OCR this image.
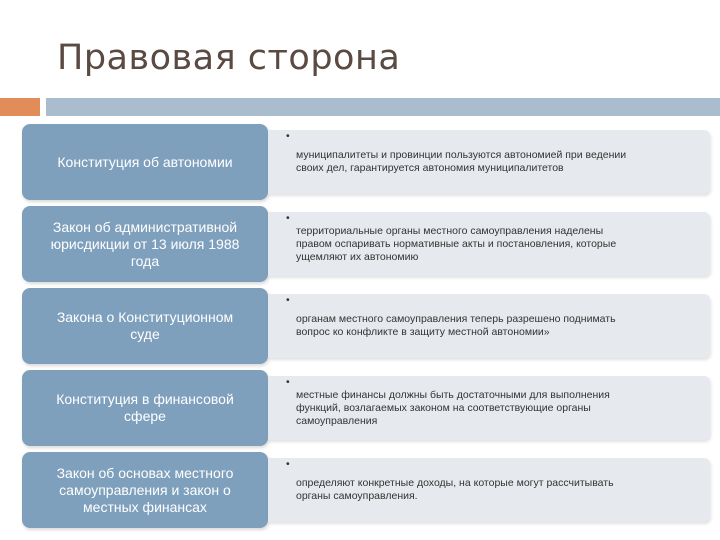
Правовая сторона
Конституция об автономии
•
муниципалитеты и провинции пользуются автономией при ведении
своих дел, гарантируется автономия муниципалитетов
Закон об административной
юрисдикции от 13 июля 1988
года
•
территориальные органы местного самоуправления наделены
правом оспаривать нормативные акты и постановления, которые
ущемляют их автономию
Закона о Конституционном
суде
•
органам местного самоуправления теперь разрешено поднимать
вопрос ко конфликте в защиту местной автономии»
Конституция в финансовой
сфере
•
местные финансы должны быть достаточными для выполнения
функций, возлагаемых законом на соответствующие органы
самоуправления
Закон об основах местного
самоуправления и закон о
местных финансах
•
определяют конкретные доходы, на которые могут рассчитывать
органы самоуправления.
